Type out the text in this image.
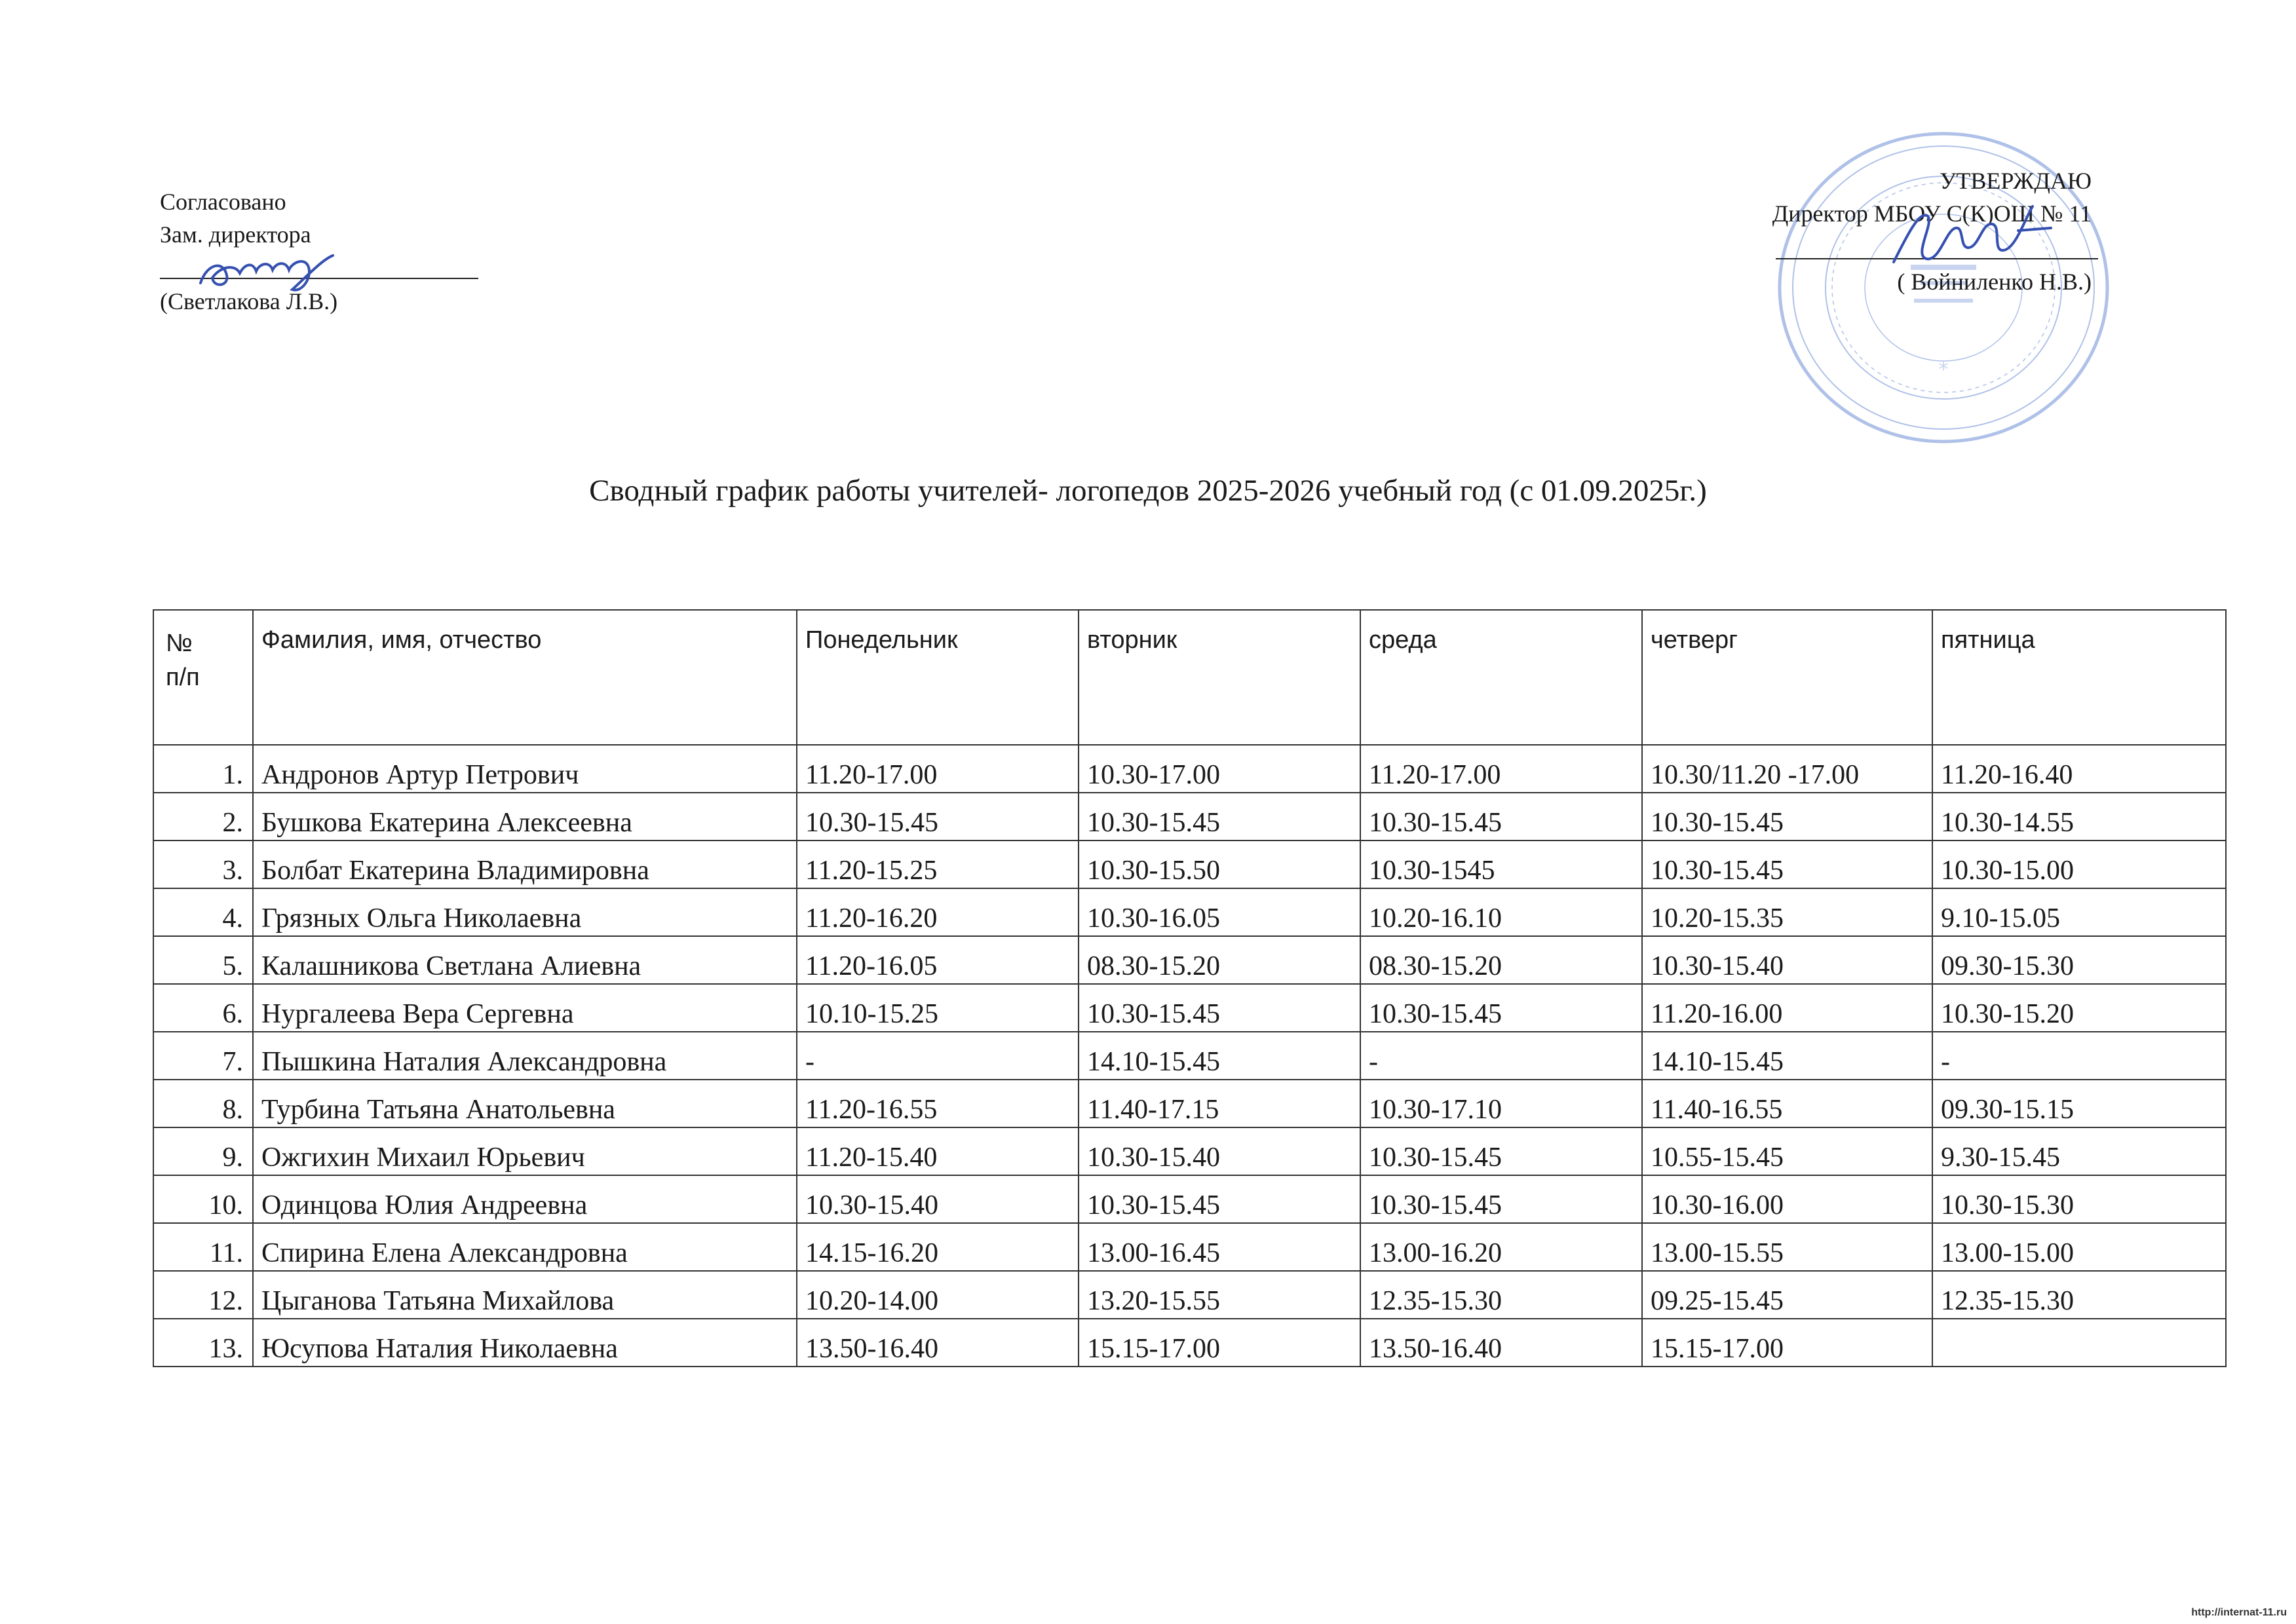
Согласовано
Зам. директора
(Светлакова Л.В.)
*
УТВЕРЖДАЮ
Директор МБОУ С(К)ОШ № 11
( Войниленко Н.В.)
Сводный график работы учителей- логопедов 2025-2026 учебный год (с 01.09.2025г.)
№
п/п	Фамилия, имя, отчество	Понедельник	вторник	среда	четверг	пятница
1.	Андронов Артур Петрович	11.20-17.00	10.30-17.00	11.20-17.00	10.30/11.20 -17.00	11.20-16.40
2.	Бушкова Екатерина Алексеевна	10.30-15.45	10.30-15.45	10.30-15.45	10.30-15.45	10.30-14.55
3.	Болбат Екатерина Владимировна	11.20-15.25	10.30-15.50	10.30-1545	10.30-15.45	10.30-15.00
4.	Грязных Ольга Николаевна	11.20-16.20	10.30-16.05	10.20-16.10	10.20-15.35	9.10-15.05
5.	Калашникова Светлана Алиевна	11.20-16.05	08.30-15.20	08.30-15.20	10.30-15.40	09.30-15.30
6.	Нургалеева Вера Сергевна	10.10-15.25	10.30-15.45	10.30-15.45	11.20-16.00	10.30-15.20
7.	Пышкина Наталия Александровна	-	14.10-15.45	-	14.10-15.45	-
8.	Турбина Татьяна Анатольевна	11.20-16.55	11.40-17.15	10.30-17.10	11.40-16.55	09.30-15.15
9.	Ожгихин Михаил Юрьевич	11.20-15.40	10.30-15.40	10.30-15.45	10.55-15.45	9.30-15.45
10.	Одинцова Юлия Андреевна	10.30-15.40	10.30-15.45	10.30-15.45	10.30-16.00	10.30-15.30
11.	Спирина Елена Александровна	14.15-16.20	13.00-16.45	13.00-16.20	13.00-15.55	13.00-15.00
12.	Цыганова Татьяна Михайлова	10.20-14.00	13.20-15.55	12.35-15.30	09.25-15.45	12.35-15.30
13.	Юсупова Наталия Николаевна	13.50-16.40	15.15-17.00	13.50-16.40	15.15-17.00	
http://internat-11.ru
